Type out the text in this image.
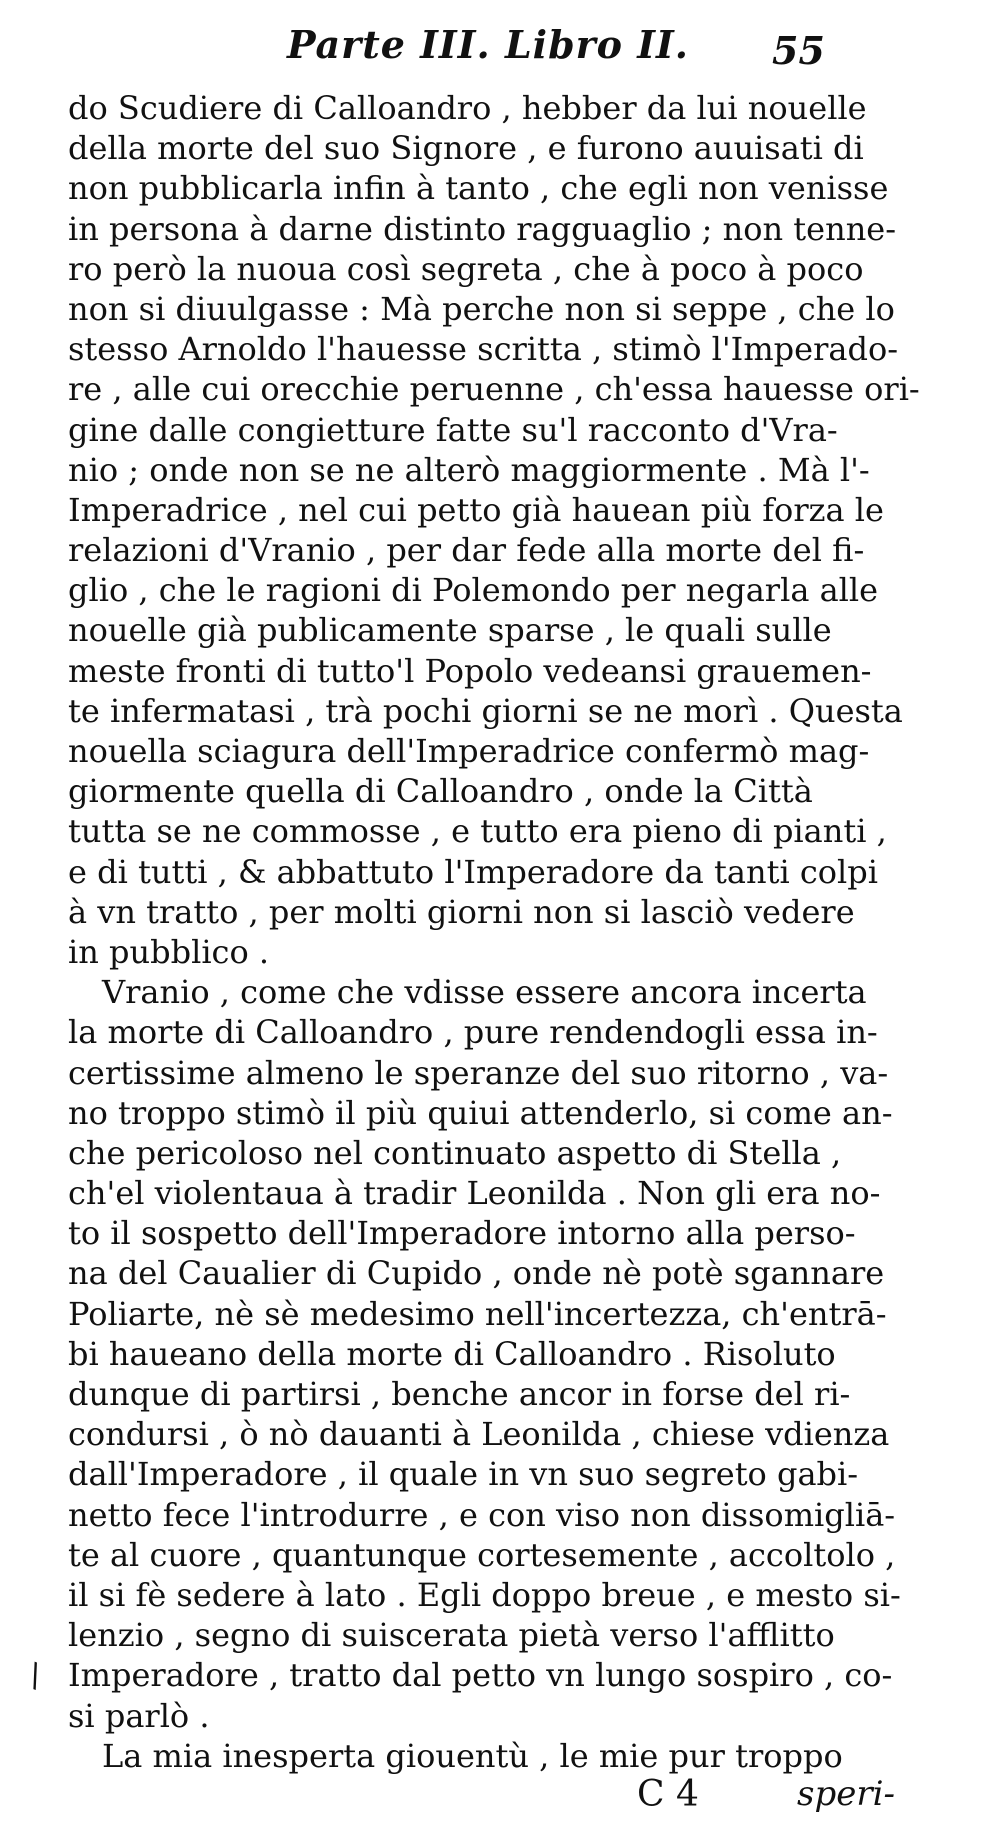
Parte III. Libro II. 55
do Scudiere di Calloandro , hebber da lui nouelle
della morte del suo Signore , e furono auuisati di
non pubblicarla infin à tanto , che egli non venisse
in persona à darne distinto ragguaglio ; non tenne-
ro però la nuoua così segreta , che à poco à poco
non si diuulgasse : Mà perche non si seppe , che lo
stesso Arnoldo l'hauesse scritta , stimò l'Imperado-
re , alle cui orecchie peruenne , ch'essa hauesse ori-
gine dalle congietture fatte su'l racconto d'Vra-
nio ; onde non se ne alterò maggiormente . Mà l'-
Imperadrice , nel cui petto già hauean più forza le
relazioni d'Vranio , per dar fede alla morte del fi-
glio , che le ragioni di Polemondo per negarla alle
nouelle già publicamente sparse , le quali sulle
meste fronti di tutto'l Popolo vedeansi grauemen-
te infermatasi , trà pochi giorni se ne morì . Questa
nouella sciagura dell'Imperadrice confermò mag-
giormente quella di Calloandro , onde la Città
tutta se ne commosse , e tutto era pieno di pianti ,
e di tutti , & abbattuto l'Imperadore da tanti colpi
à vn tratto , per molti giorni non si lasciò vedere
in pubblico .
Vranio , come che vdisse essere ancora incerta
la morte di Calloandro , pure rendendogli essa in-
certissime almeno le speranze del suo ritorno , va-
no troppo stimò il più quiui attenderlo, si come an-
che pericoloso nel continuato aspetto di Stella ,
ch'el violentaua à tradir Leonilda . Non gli era no-
to il sospetto dell'Imperadore intorno alla perso-
na del Caualier di Cupido , onde nè potè sgannare
Poliarte, nè sè medesimo nell'incertezza, ch'entrā-
bi haueano della morte di Calloandro . Risoluto
dunque di partirsi , benche ancor in forse del ri-
condursi , ò nò dauanti à Leonilda , chiese vdienza
dall'Imperadore , il quale in vn suo segreto gabi-
netto fece l'introdurre , e con viso non dissomigliā-
te al cuore , quantunque cortesemente , accoltolo ,
il si fè sedere à lato . Egli doppo breue , e mesto si-
lenzio , segno di suiscerata pietà verso l'afflitto
Imperadore , tratto dal petto vn lungo sospiro , co-
si parlò .
La mia inesperta giouentù , le mie pur troppo
\
C 4	speri-
